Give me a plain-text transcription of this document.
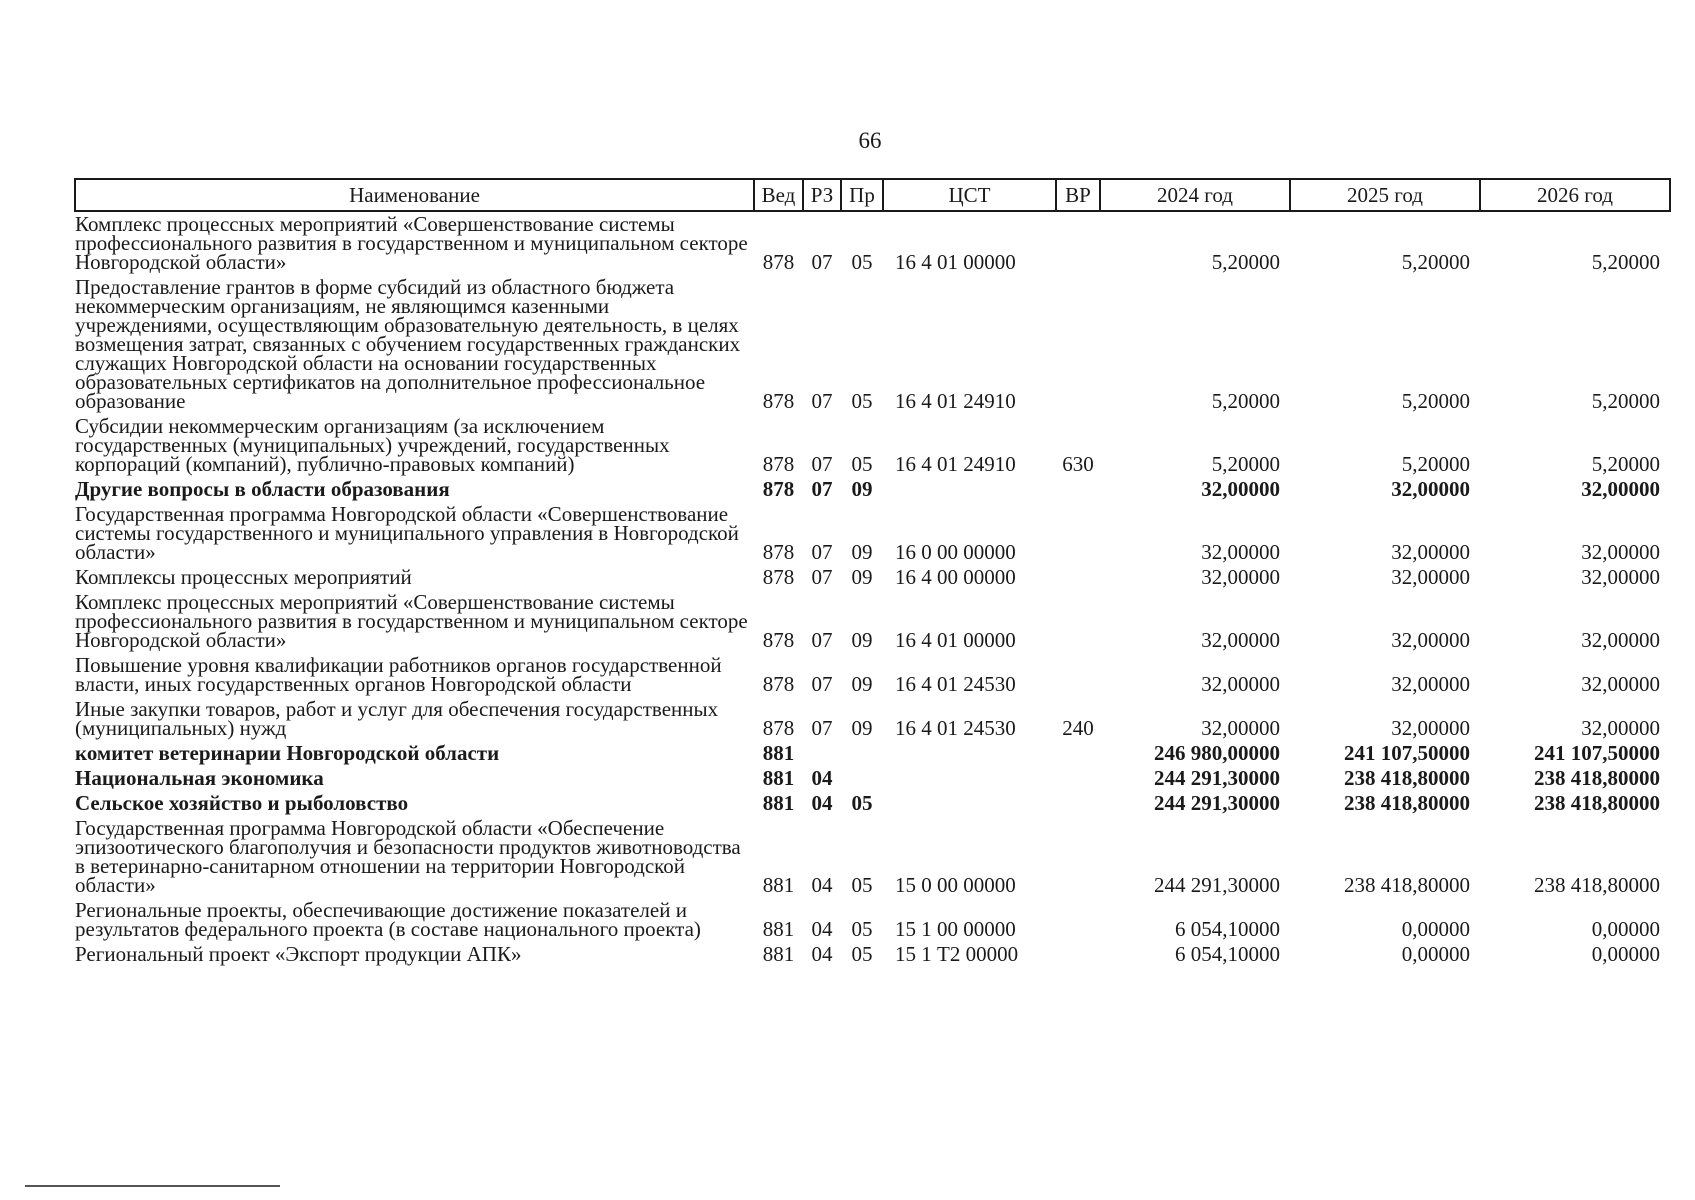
66
Наименование	Вед	РЗ	Пр	ЦСТ	ВР	2024 год	2025 год	2026 год
Комплекс процессных мероприятий «Совершенствование системы профессионального развития в государственном и муниципальном секторе Новгородской области»	878	07	05	16 4 01 00000		5,20000	5,20000	5,20000
Предоставление грантов в форме субсидий из областного бюджета некоммерческим организациям, не являющимся казенными учреждениями, осуществляющим образовательную деятельность, в целях возмещения затрат, связанных с обучением государственных гражданских служащих Новгородской области на основании государственных образовательных сертификатов на дополнительное профессиональное образование	878	07	05	16 4 01 24910		5,20000	5,20000	5,20000
Субсидии некоммерческим организациям (за исключением государственных (муниципальных) учреждений, государственных корпораций (компаний), публично-правовых компаний)	878	07	05	16 4 01 24910	630	5,20000	5,20000	5,20000
Другие вопросы в области образования	878	07	09			32,00000	32,00000	32,00000
Государственная программа Новгородской области «Совершенствование системы государственного и муниципального управления в Новгородской области»	878	07	09	16 0 00 00000		32,00000	32,00000	32,00000
Комплексы процессных мероприятий	878	07	09	16 4 00 00000		32,00000	32,00000	32,00000
Комплекс процессных мероприятий «Совершенствование системы профессионального развития в государственном и муниципальном секторе Новгородской области»	878	07	09	16 4 01 00000		32,00000	32,00000	32,00000
Повышение уровня квалификации работников органов государственной власти, иных государственных органов Новгородской области	878	07	09	16 4 01 24530		32,00000	32,00000	32,00000
Иные закупки товаров, работ и услуг для обеспечения государственных (муниципальных) нужд	878	07	09	16 4 01 24530	240	32,00000	32,00000	32,00000
комитет ветеринарии Новгородской области	881					246 980,00000	241 107,50000	241 107,50000
Национальная экономика	881	04				244 291,30000	238 418,80000	238 418,80000
Сельское хозяйство и рыболовство	881	04	05			244 291,30000	238 418,80000	238 418,80000
Государственная программа Новгородской области «Обеспечение эпизоотического благополучия и безопасности продуктов животноводства в ветеринарно-санитарном отношении на территории Новгородской области»	881	04	05	15 0 00 00000		244 291,30000	238 418,80000	238 418,80000
Региональные проекты, обеспечивающие достижение показателей и результатов федерального проекта (в составе национального проекта)	881	04	05	15 1 00 00000		6 054,10000	0,00000	0,00000
Региональный проект «Экспорт продукции АПК»	881	04	05	15 1 Т2 00000		6 054,10000	0,00000	0,00000
